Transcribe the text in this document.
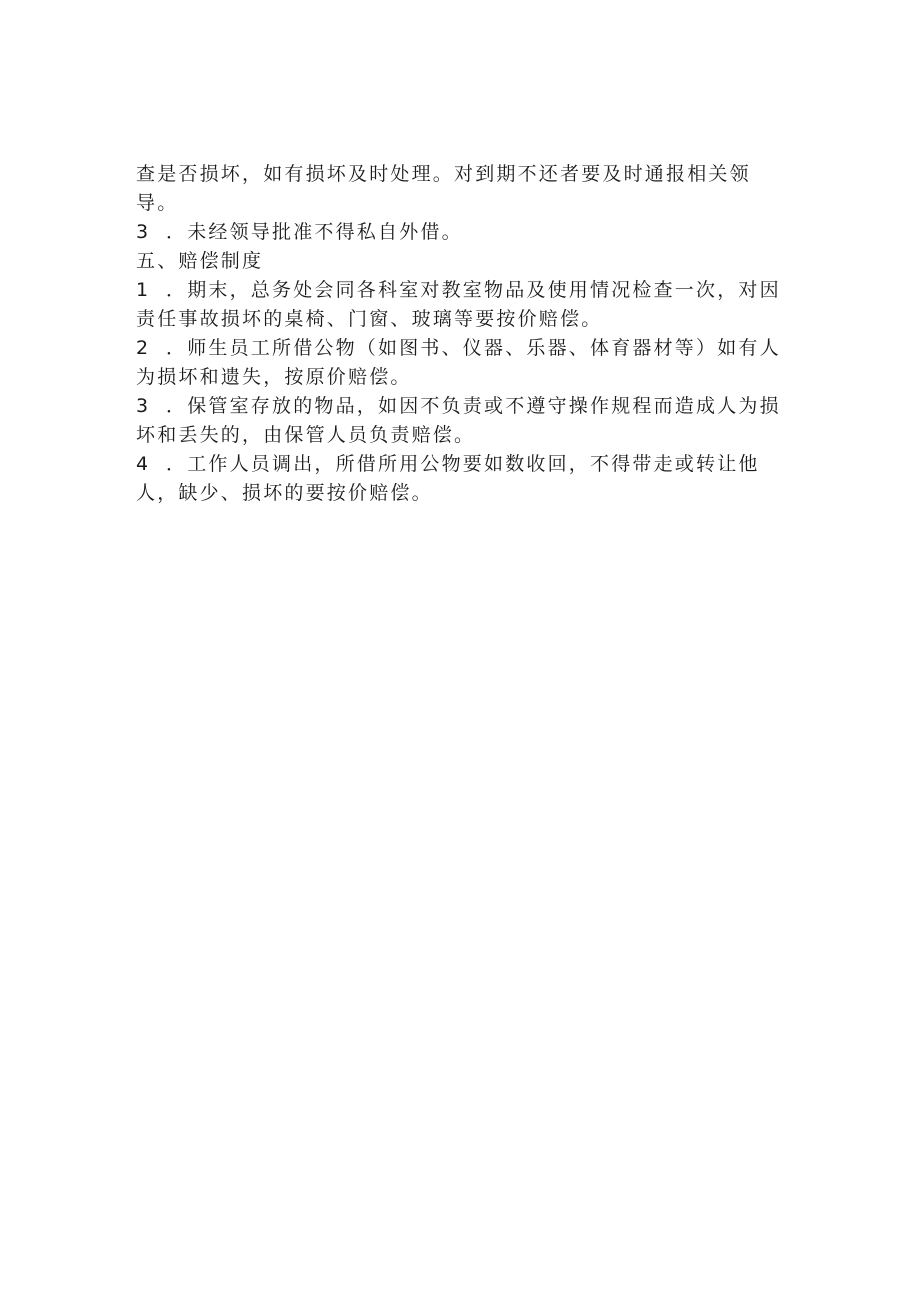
查是否损坏，如有损坏及时处理。对到期不还者要及时通报相关领
导。
3 ．未经领导批准不得私自外借。
五、赔偿制度
1 ．期末，总务处会同各科室对教室物品及使用情况检查一次，对因
责任事故损坏的桌椅、门窗、玻璃等要按价赔偿。
2 ．师生员工所借公物（如图书、仪器、乐器、体育器材等）如有人
为损坏和遗失，按原价赔偿。
3 ．保管室存放的物品，如因不负责或不遵守操作规程而造成人为损
坏和丢失的，由保管人员负责赔偿。
4 ．工作人员调出，所借所用公物要如数收回，不得带走或转让他
人，缺少、损坏的要按价赔偿。
